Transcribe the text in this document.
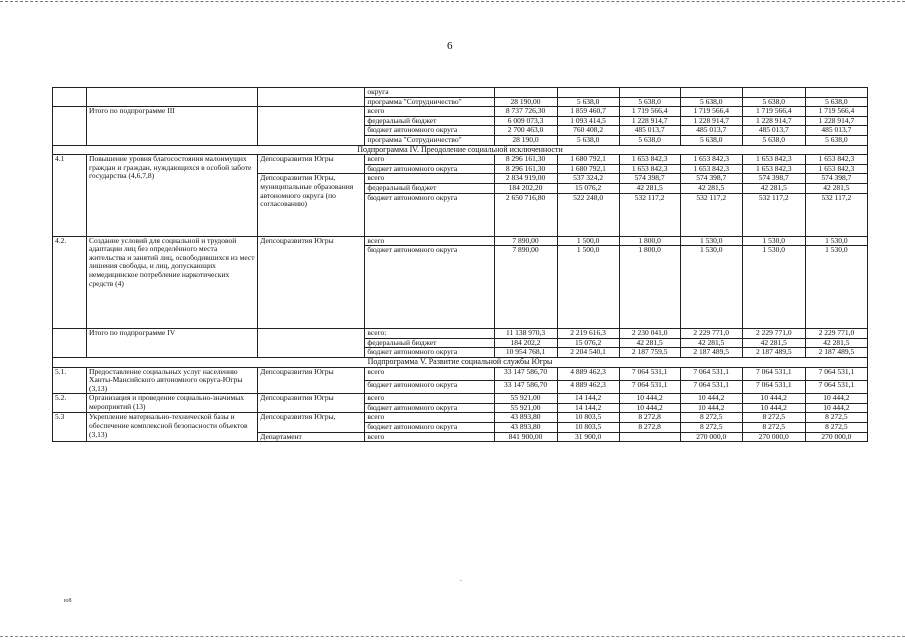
6
			округа						
			программа "Сотрудничество"	28 190,00	5 638,0	5 638,0	5 638,0	5 638,0	5 638,0
	Итого по подпрограмме III		всего	8 737 726,30	1 859 460,7	1 719 566,4	1 719 566,4	1 719 566,4	1 719 566,4
			федеральный бюджет	6 009 073,3	1 093 414,5	1 228 914,7	1 228 914,7	1 228 914,7	1 228 914,7
			бюджет автономного округа	2 700 463,0	760 408,2	485 013,7	485 013,7	485 013,7	485 013,7
			программа "Сотрудничество"	28 190,0	5 638,0	5 638,0	5 638,0	5 638,0	5 638,0
Подпрограмма IV. Преодоление социальной исключенности									
4.1	Повышение уровня благосостояния малоимущих граждан и граждан, нуждающихся в особой заботе государства (4,6,7,8)	Депсоцразвития Югры	всего	8 296 161,30	1 680 792,1	1 653 842,3	1 653 842,3	1 653 842,3	1 653 842,3
			бюджет автономного округа	8 296 161,30	1 680 792,1	1 653 842,3	1 653 842,3	1 653 842,3	1 653 842,3
		Депсоцразвития Югры, муниципальные образования автономного округа (по согласованию)	всего	2 834 919,00	537 324,2	574 398,7	574 398,7	574 398,7	574 398,7
			федеральный бюджет	184 202,20	15 076,2	42 281,5	42 281,5	42 281,5	42 281,5
			бюджет автономного округа	2 650 716,80	522 248,0	532 117,2	532 117,2	532 117,2	532 117,2
4.2.	Создание условий для социальной и трудовой адаптации лиц без определённого места жительства и занятий лиц, освободившихся из мест лишения свободы, и лиц, допускающих немедицинское потребление наркотических средств (4)	Депсоцразвития Югры	всего	7 890,00	1 500,0	1 800,0	1 530,0	1 530,0	1 530,0
			бюджет автономного округа	7 890,00	1 500,0	1 800,0	1 530,0	1 530,0	1 530,0
	Итого по подпрограмме IV		всего:	11 138 970,3	2 219 616,3	2 230 041,0	2 229 771,0	2 229 771,0	2 229 771,0
			федеральный бюджет	184 202,2	15 076,2	42 281,5	42 281,5	42 281,5	42 281,5
			бюджет автономного округа	10 954 768,1	2 204 540,1	2 187 759,5	2 187 489,5	2 187 489,5	2 187 489,5
Подпрограмма V. Развитие социальной службы Югры									
5.1.	Предоставление социальных услуг населению Ханты-Мансийского автономного округа-Югры (3,13)	Депсоцразвития Югры	всего	33 147 586,70	4 889 462,3	7 064 531,1	7 064 531,1	7 064 531,1	7 064 531,1
			бюджет автономного округа	33 147 586,70	4 889 462,3	7 064 531,1	7 064 531,1	7 064 531,1	7 064 531,1
5.2.	Организация и проведение социально-значимых мероприятий (13)	Депсоцразвития Югры	всего	55 921,00	14 144,2	10 444,2	10 444,2	10 444,2	10 444,2
			бюджет автономного округа	55 921,00	14 144,2	10 444,2	10 444,2	10 444,2	10 444,2
5.3	Укрепление материально-технической базы и обеспечение комплексной безопасности объектов (3,13)	Депсоцразвития Югры,	всего	43 893,80	10 803,5	8 272,8	8 272,5	8 272,5	8 272,5
			бюджет автономного округа	43 893,80	10 803,5	8 272,8	8 272,5	8 272,5	8 272,5
		Департамент	всего	841 900,00	31 900,0		270 000,0	270 000,0	270 000,0
.
ю8
